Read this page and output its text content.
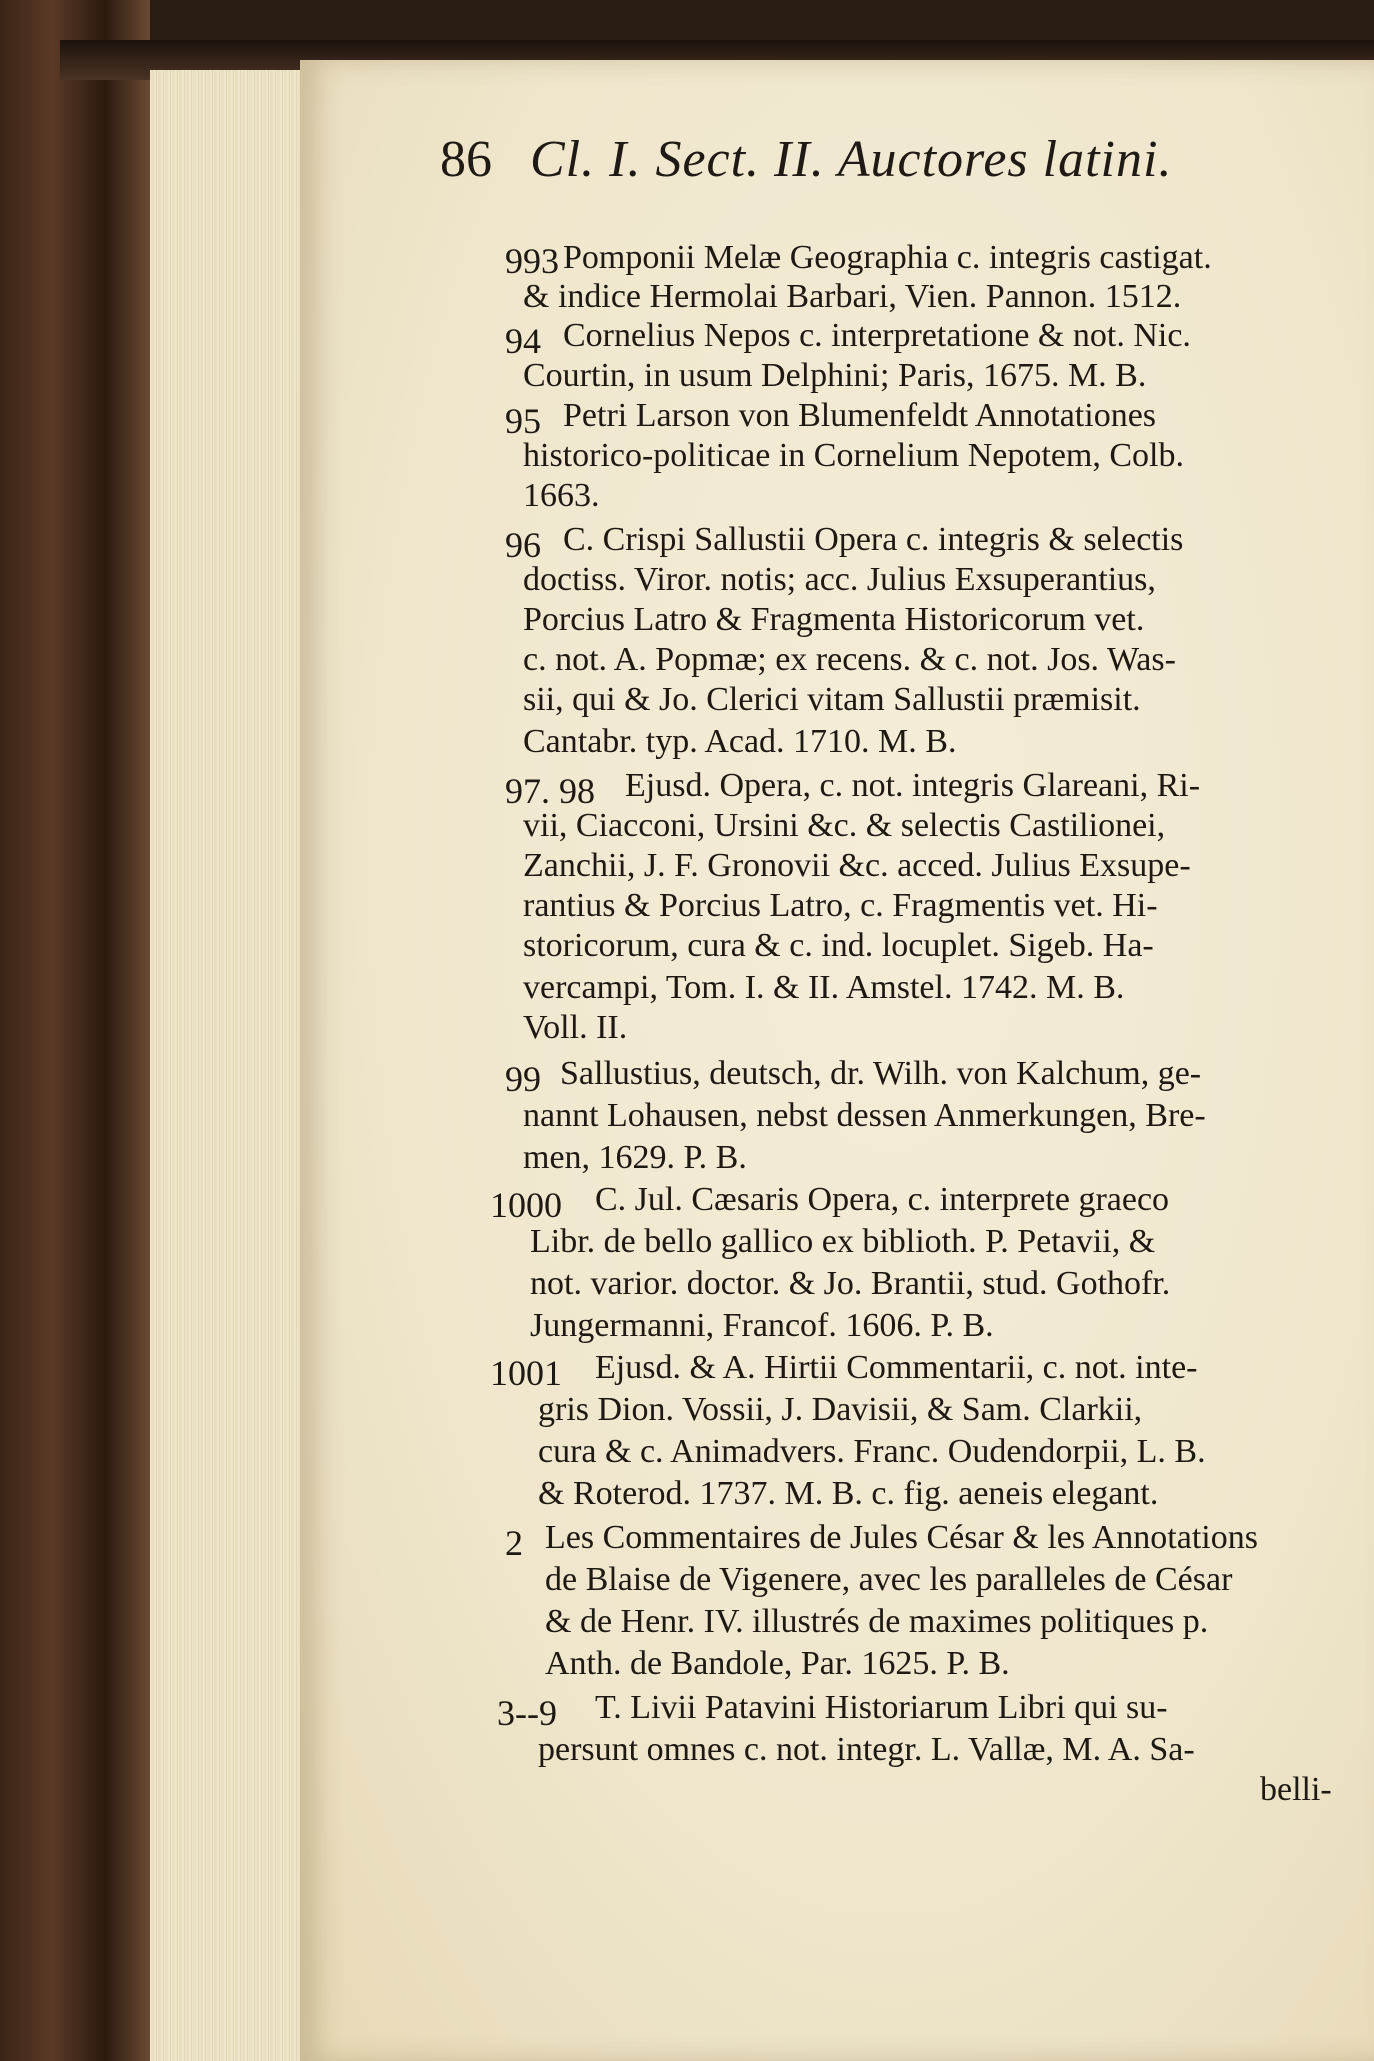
86 Cl. I. Sect. II. Auctores latini.
993 Pomponii Melæ Geographia c. integris castigat.
& indice Hermolai Barbari, Vien. Pannon. 1512.
94 Cornelius Nepos c. interpretatione & not. Nic.
Courtin, in usum Delphini; Paris, 1675. M. B.
95 Petri Larson von Blumenfeldt Annotationes
historico-politicae in Cornelium Nepotem, Colb.
1663.
96 C. Crispi Sallustii Opera c. integris & selectis
doctiss. Viror. notis; acc. Julius Exsuperantius,
Porcius Latro & Fragmenta Historicorum vet.
c. not. A. Popmæ; ex recens. & c. not. Jos. Was-
sii, qui & Jo. Clerici vitam Sallustii præmisit.
Cantabr. typ. Acad. 1710. M. B.
97. 98 Ejusd. Opera, c. not. integris Glareani, Ri-
vii, Ciacconi, Ursini &c. & selectis Castilionei,
Zanchii, J. F. Gronovii &c. acced. Julius Exsupe-
rantius & Porcius Latro, c. Fragmentis vet. Hi-
storicorum, cura & c. ind. locuplet. Sigeb. Ha-
vercampi, Tom. I. & II. Amstel. 1742. M. B.
Voll. II.
99 Sallustius, deutsch, dr. Wilh. von Kalchum, ge-
nannt Lohausen, nebst dessen Anmerkungen, Bre-
men, 1629. P. B.
1000 C. Jul. Cæsaris Opera, c. interprete graeco
Libr. de bello gallico ex biblioth. P. Petavii, &
not. varior. doctor. & Jo. Brantii, stud. Gothofr.
Jungermanni, Francof. 1606. P. B.
1001 Ejusd. & A. Hirtii Commentarii, c. not. inte-
gris Dion. Vossii, J. Davisii, & Sam. Clarkii,
cura & c. Animadvers. Franc. Oudendorpii, L. B.
& Roterod. 1737. M. B. c. fig. aeneis elegant.
2 Les Commentaires de Jules César & les Annotations
de Blaise de Vigenere, avec les paralleles de César
& de Henr. IV. illustrés de maximes politiques p.
Anth. de Bandole, Par. 1625. P. B.
3--9 T. Livii Patavini Historiarum Libri qui su-
persunt omnes c. not. integr. L. Vallæ, M. A. Sa-
belli-
